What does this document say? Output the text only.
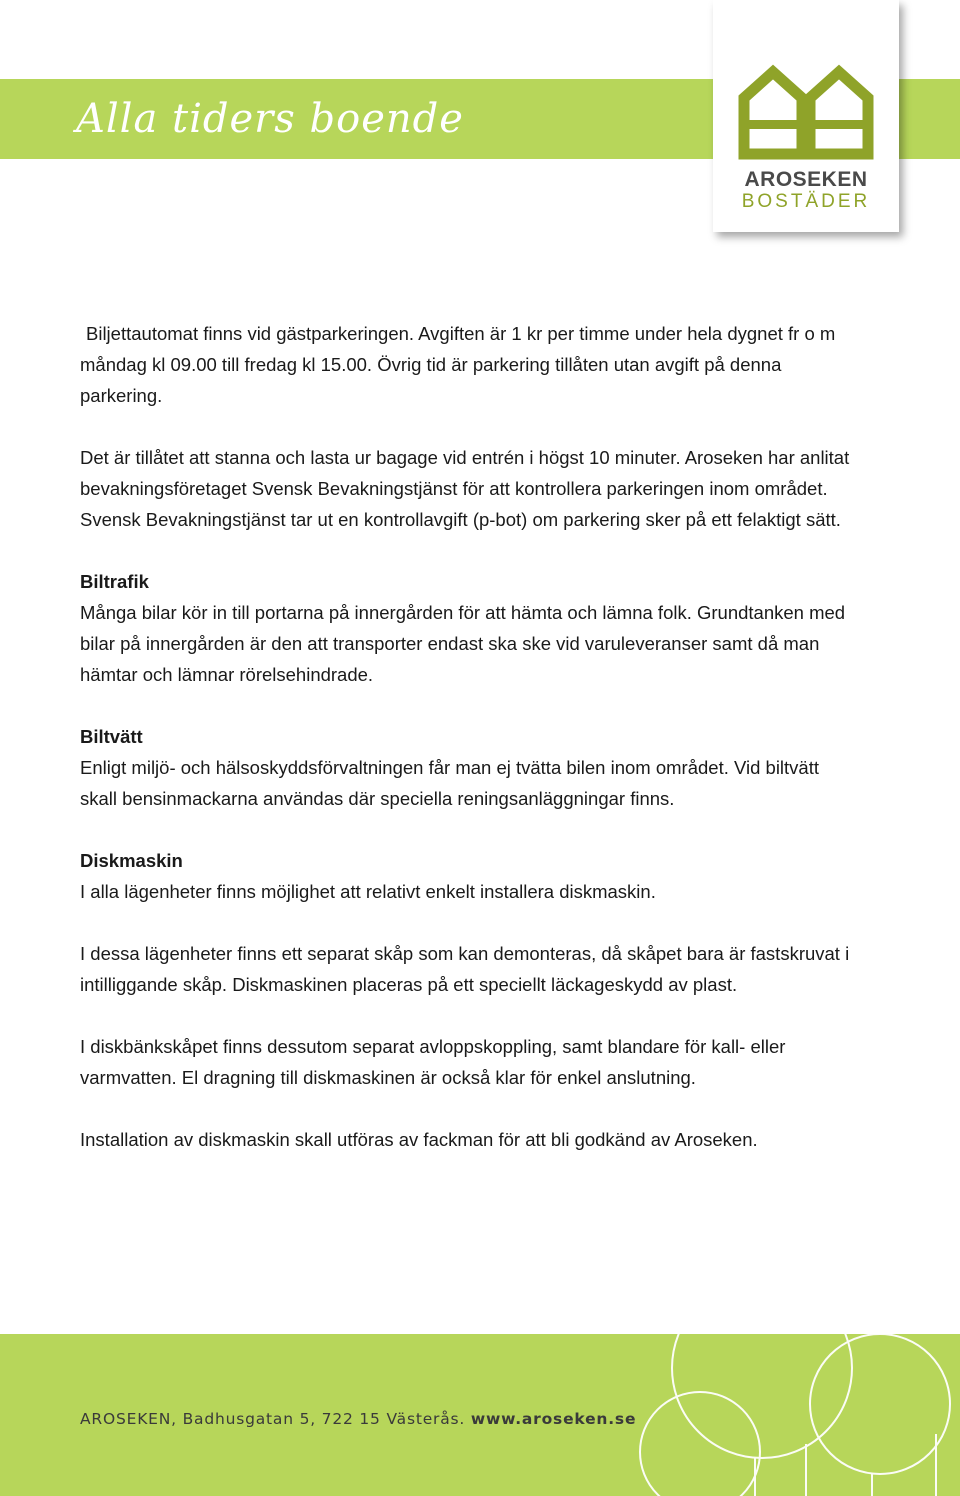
Alla tiders boende
AROSEKEN
BOSTÄDER

Biljettautomat finns vid gästparkeringen. Avgiften är 1 kr per timme under hela dygnet fr o m måndag kl 09.00 till fredag kl 15.00. Övrig tid är parkering tillåten utan avgift på denna parkering.

Det är tillåtet att stanna och lasta ur bagage vid entrén i högst 10 minuter. Aroseken har anlitat bevakningsföretaget Svensk Bevakningstjänst för att kontrollera parkeringen inom området. Svensk Bevakningstjänst tar ut en kontrollavgift (p-bot) om parkering sker på ett felaktigt sätt.

Biltrafik

Många bilar kör in till portarna på innergården för att hämta och lämna folk. Grundtanken med bilar på innergården är den att transporter endast ska ske vid varuleveranser samt då man hämtar och lämnar rörelsehindrade.

Biltvätt

Enligt miljö- och hälsoskyddsförvaltningen får man ej tvätta bilen inom området. Vid biltvätt skall bensinmackarna användas där speciella reningsanläggningar finns.

Diskmaskin

I alla lägenheter finns möjlighet att relativt enkelt installera diskmaskin.

I dessa lägenheter finns ett separat skåp som kan demonteras, då skåpet bara är fastskruvat i intilliggande skåp. Diskmaskinen placeras på ett speciellt läckageskydd av plast.

I diskbänkskåpet finns dessutom separat avloppskoppling, samt blandare för kall- eller varmvatten. El dragning till diskmaskinen är också klar för enkel anslutning.

Installation av diskmaskin skall utföras av fackman för att bli godkänd av Aroseken.

AROSEKEN, Badhusgatan 5, 722 15 Västerås. www.aroseken.se
